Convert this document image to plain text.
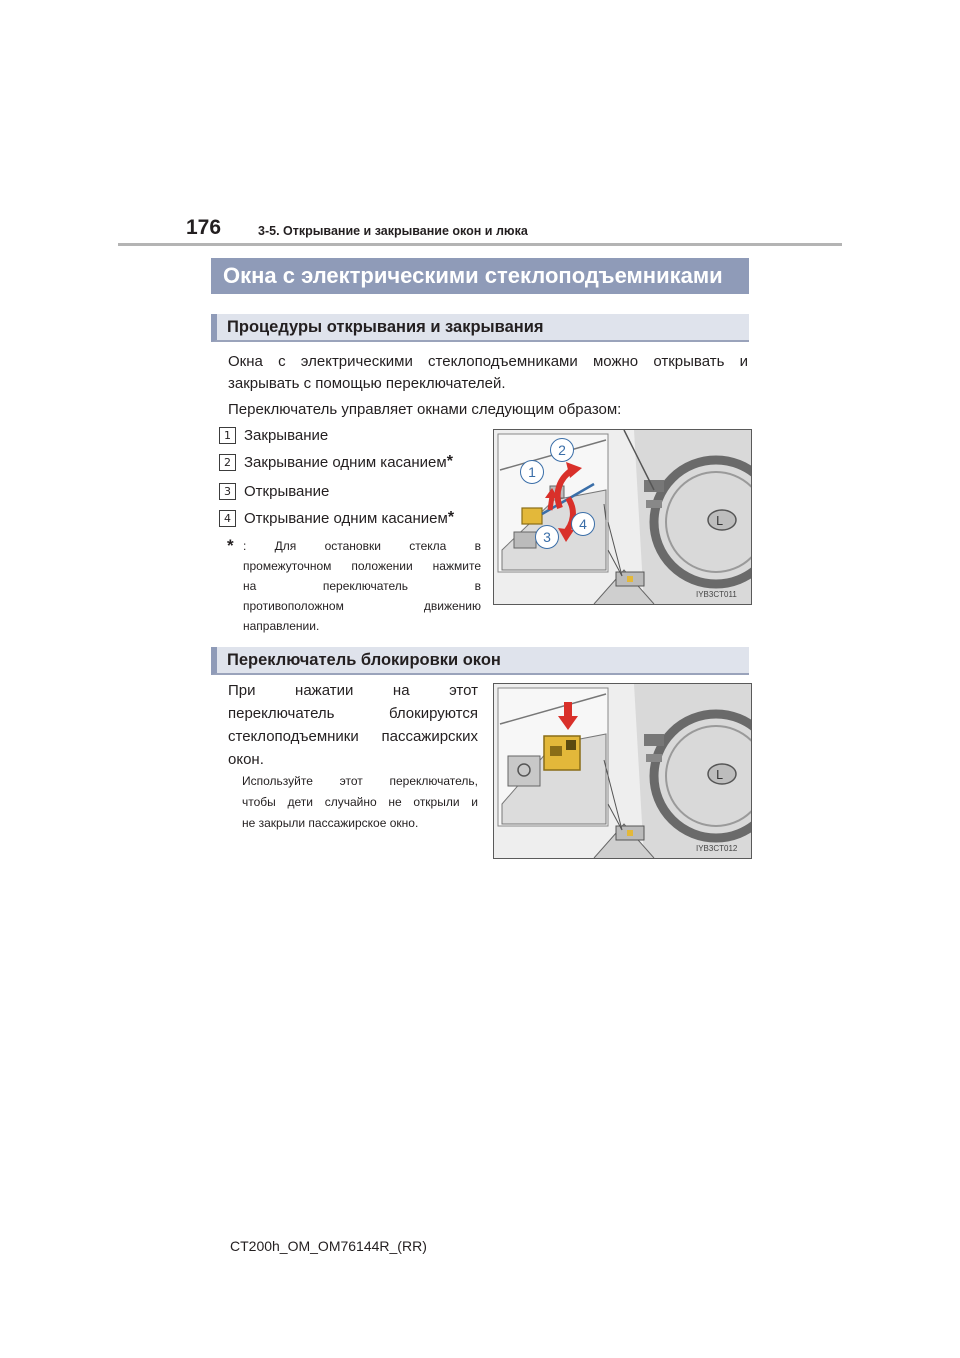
176	3-5. Открывание и закрывание окон и люка
Окна с электрическими стеклоподъемниками
Процедуры открывания и закрывания
Окна с электрическими стеклоподъемниками можно открывать и
закрывать с помощью переключателей.
Переключатель управляет окнами следующим образом:
1 Закрывание
2 Закрывание одним касанием *
3 Открывание
4 Открывание одним касанием *
* : Для остановки стекла в
промежуточном положении нажмите
на переключатель в
противоположном движению
направлении.
L
1
2
3
4
IYB3CT011
Переключатель блокировки окон
При нажатии на этот
переключатель блокируются
стеклоподъемники пассажирских
окон.
Используйте этот переключатель,
чтобы дети случайно не открыли и
не закрыли пассажирское окно.
L
IYB3CT012
CT200h_OM_OM76144R_(RR)
